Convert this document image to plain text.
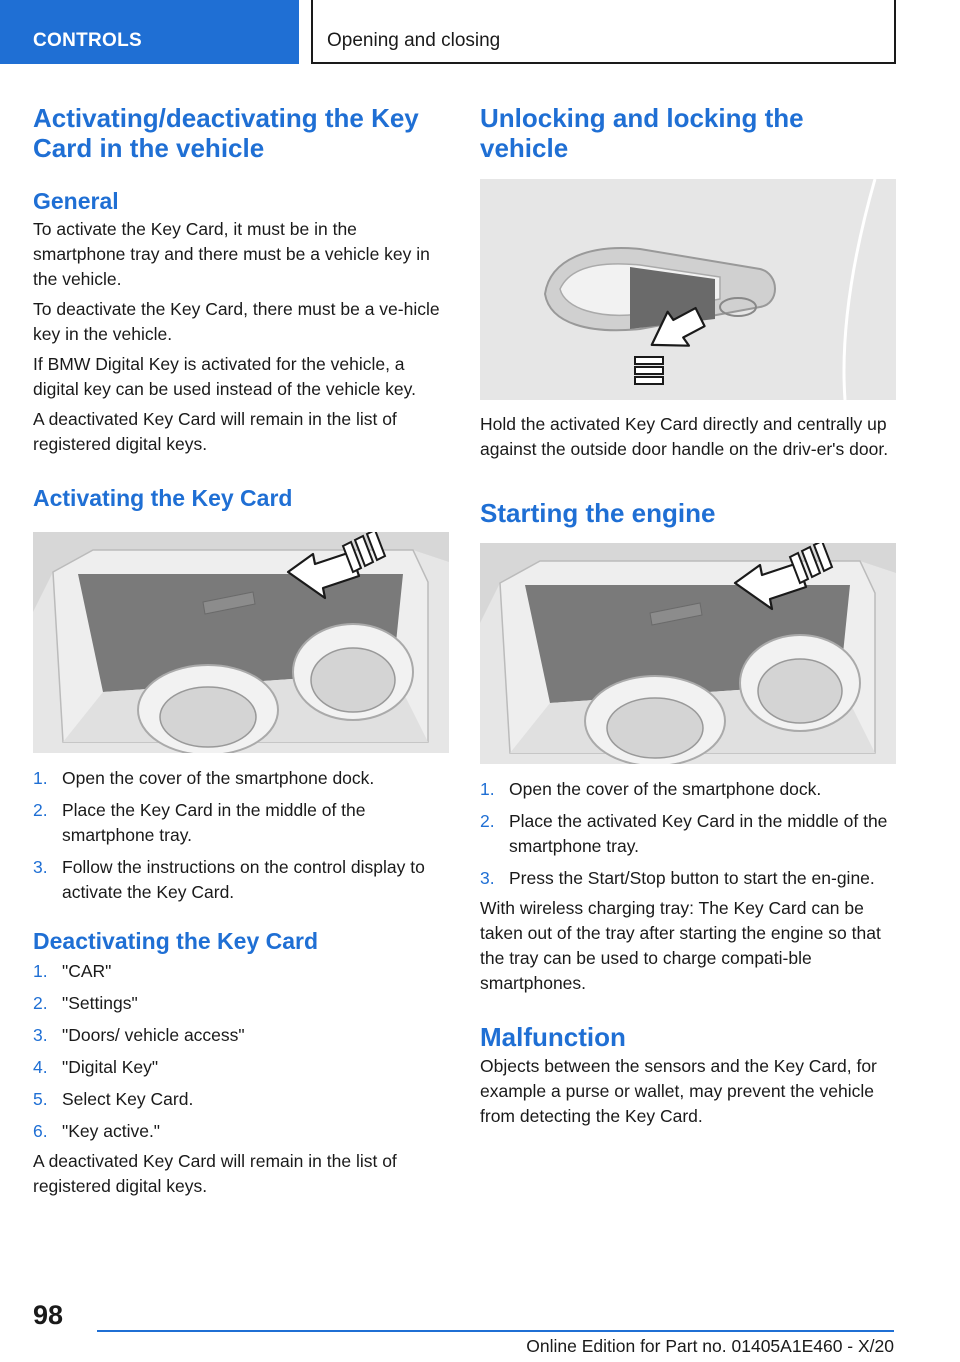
CONTROLS	Opening and closing
Activating/deactivating the Key Card in the vehicle
General

To activate the Key Card, it must be in the smartphone tray and there must be a vehicle key in the vehicle.

To deactivate the Key Card, there must be a ve‐hicle key in the vehicle.

If BMW Digital Key is activated for the vehicle, a digital key can be used instead of the vehicle key.

A deactivated Key Card will remain in the list of registered digital keys.

Activating the Key Card
1. Open the cover of the smartphone dock.
2. Place the Key Card in the middle of the smartphone tray.
3. Follow the instructions on the control display to activate the Key Card.
Deactivating the Key Card
1. "CAR"
2. "Settings"
3. "Doors/ vehicle access"
4. "Digital Key"
5. Select Key Card.
6. "Key active."

A deactivated Key Card will remain in the list of registered digital keys.

Unlocking and locking the vehicle

Hold the activated Key Card directly and centrally up against the outside door handle on the driv‐er's door.

Starting the engine
1. Open the cover of the smartphone dock.
2. Place the activated Key Card in the middle of the smartphone tray.
3. Press the Start/Stop button to start the en‐gine.

With wireless charging tray: The Key Card can be taken out of the tray after starting the engine so that the tray can be used to charge compati‐ble smartphones.

Malfunction

Objects between the sensors and the Key Card, for example a purse or wallet, may prevent the vehicle from detecting the Key Card.

98
Online Edition for Part no. 01405A1E460 - X/20
